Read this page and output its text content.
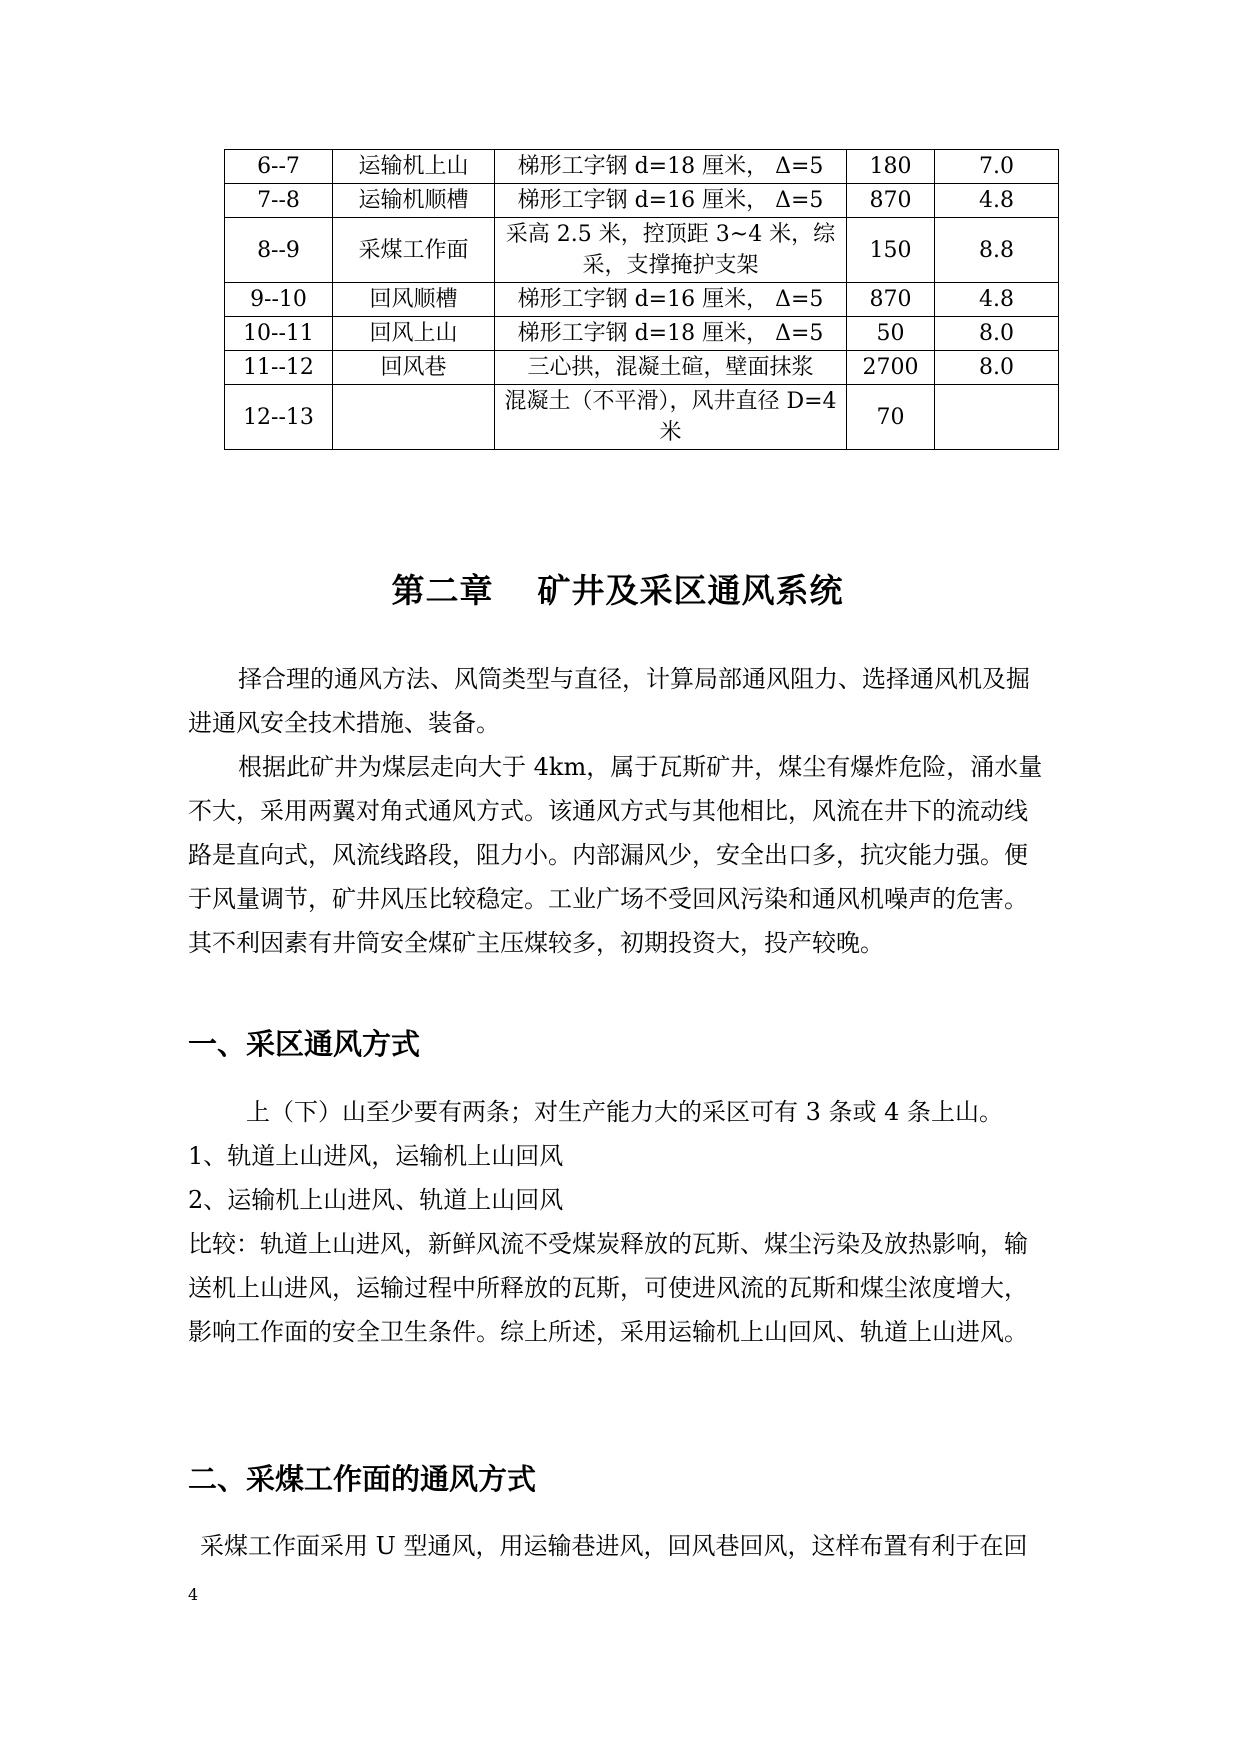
6--7	运输机上山	梯形工字钢 d=18 厘米， Δ=5	180	7.0
7--8	运输机顺槽	梯形工字钢 d=16 厘米， Δ=5	870	4.8
8--9	采煤工作面	采高 2.5 米，控顶距 3~4 米，综采，支撑掩护支架	150	8.8
9--10	回风顺槽	梯形工字钢 d=16 厘米， Δ=5	870	4.8
10--11	回风上山	梯形工字钢 d=18 厘米， Δ=5	50	8.0
11--12	回风巷	三心拱，混凝土碹，壁面抹浆	2700	8.0
12--13		混凝土（不平滑），风井直径 D=4 米	70	
第二章 矿井及采区通风系统

择合理的通风方法、风筒类型与直径，计算局部通风阻力、选择通风机及掘进通风安全技术措施、装备。

根据此矿井为煤层走向大于 4km，属于瓦斯矿井，煤尘有爆炸危险，涌水量不大，采用两翼对角式通风方式。该通风方式与其他相比，风流在井下的流动线路是直向式，风流线路段，阻力小。内部漏风少，安全出口多，抗灾能力强。便于风量调节，矿井风压比较稳定。工业广场不受回风污染和通风机噪声的危害。其不利因素有井筒安全煤矿主压煤较多，初期投资大，投产较晚。

一、采区通风方式

上（下）山至少要有两条；对生产能力大的采区可有 3 条或 4 条上山。

1、轨道上山进风，运输机上山回风

2、运输机上山进风、轨道上山回风

比较：轨道上山进风，新鲜风流不受煤炭释放的瓦斯、煤尘污染及放热影响，输送机上山进风，运输过程中所释放的瓦斯，可使进风流的瓦斯和煤尘浓度增大，影响工作面的安全卫生条件。综上所述，采用运输机上山回风、轨道上山进风。

二、采煤工作面的通风方式

采煤工作面采用 U 型通风，用运输巷进风，回风巷回风，这样布置有利于在回

4
